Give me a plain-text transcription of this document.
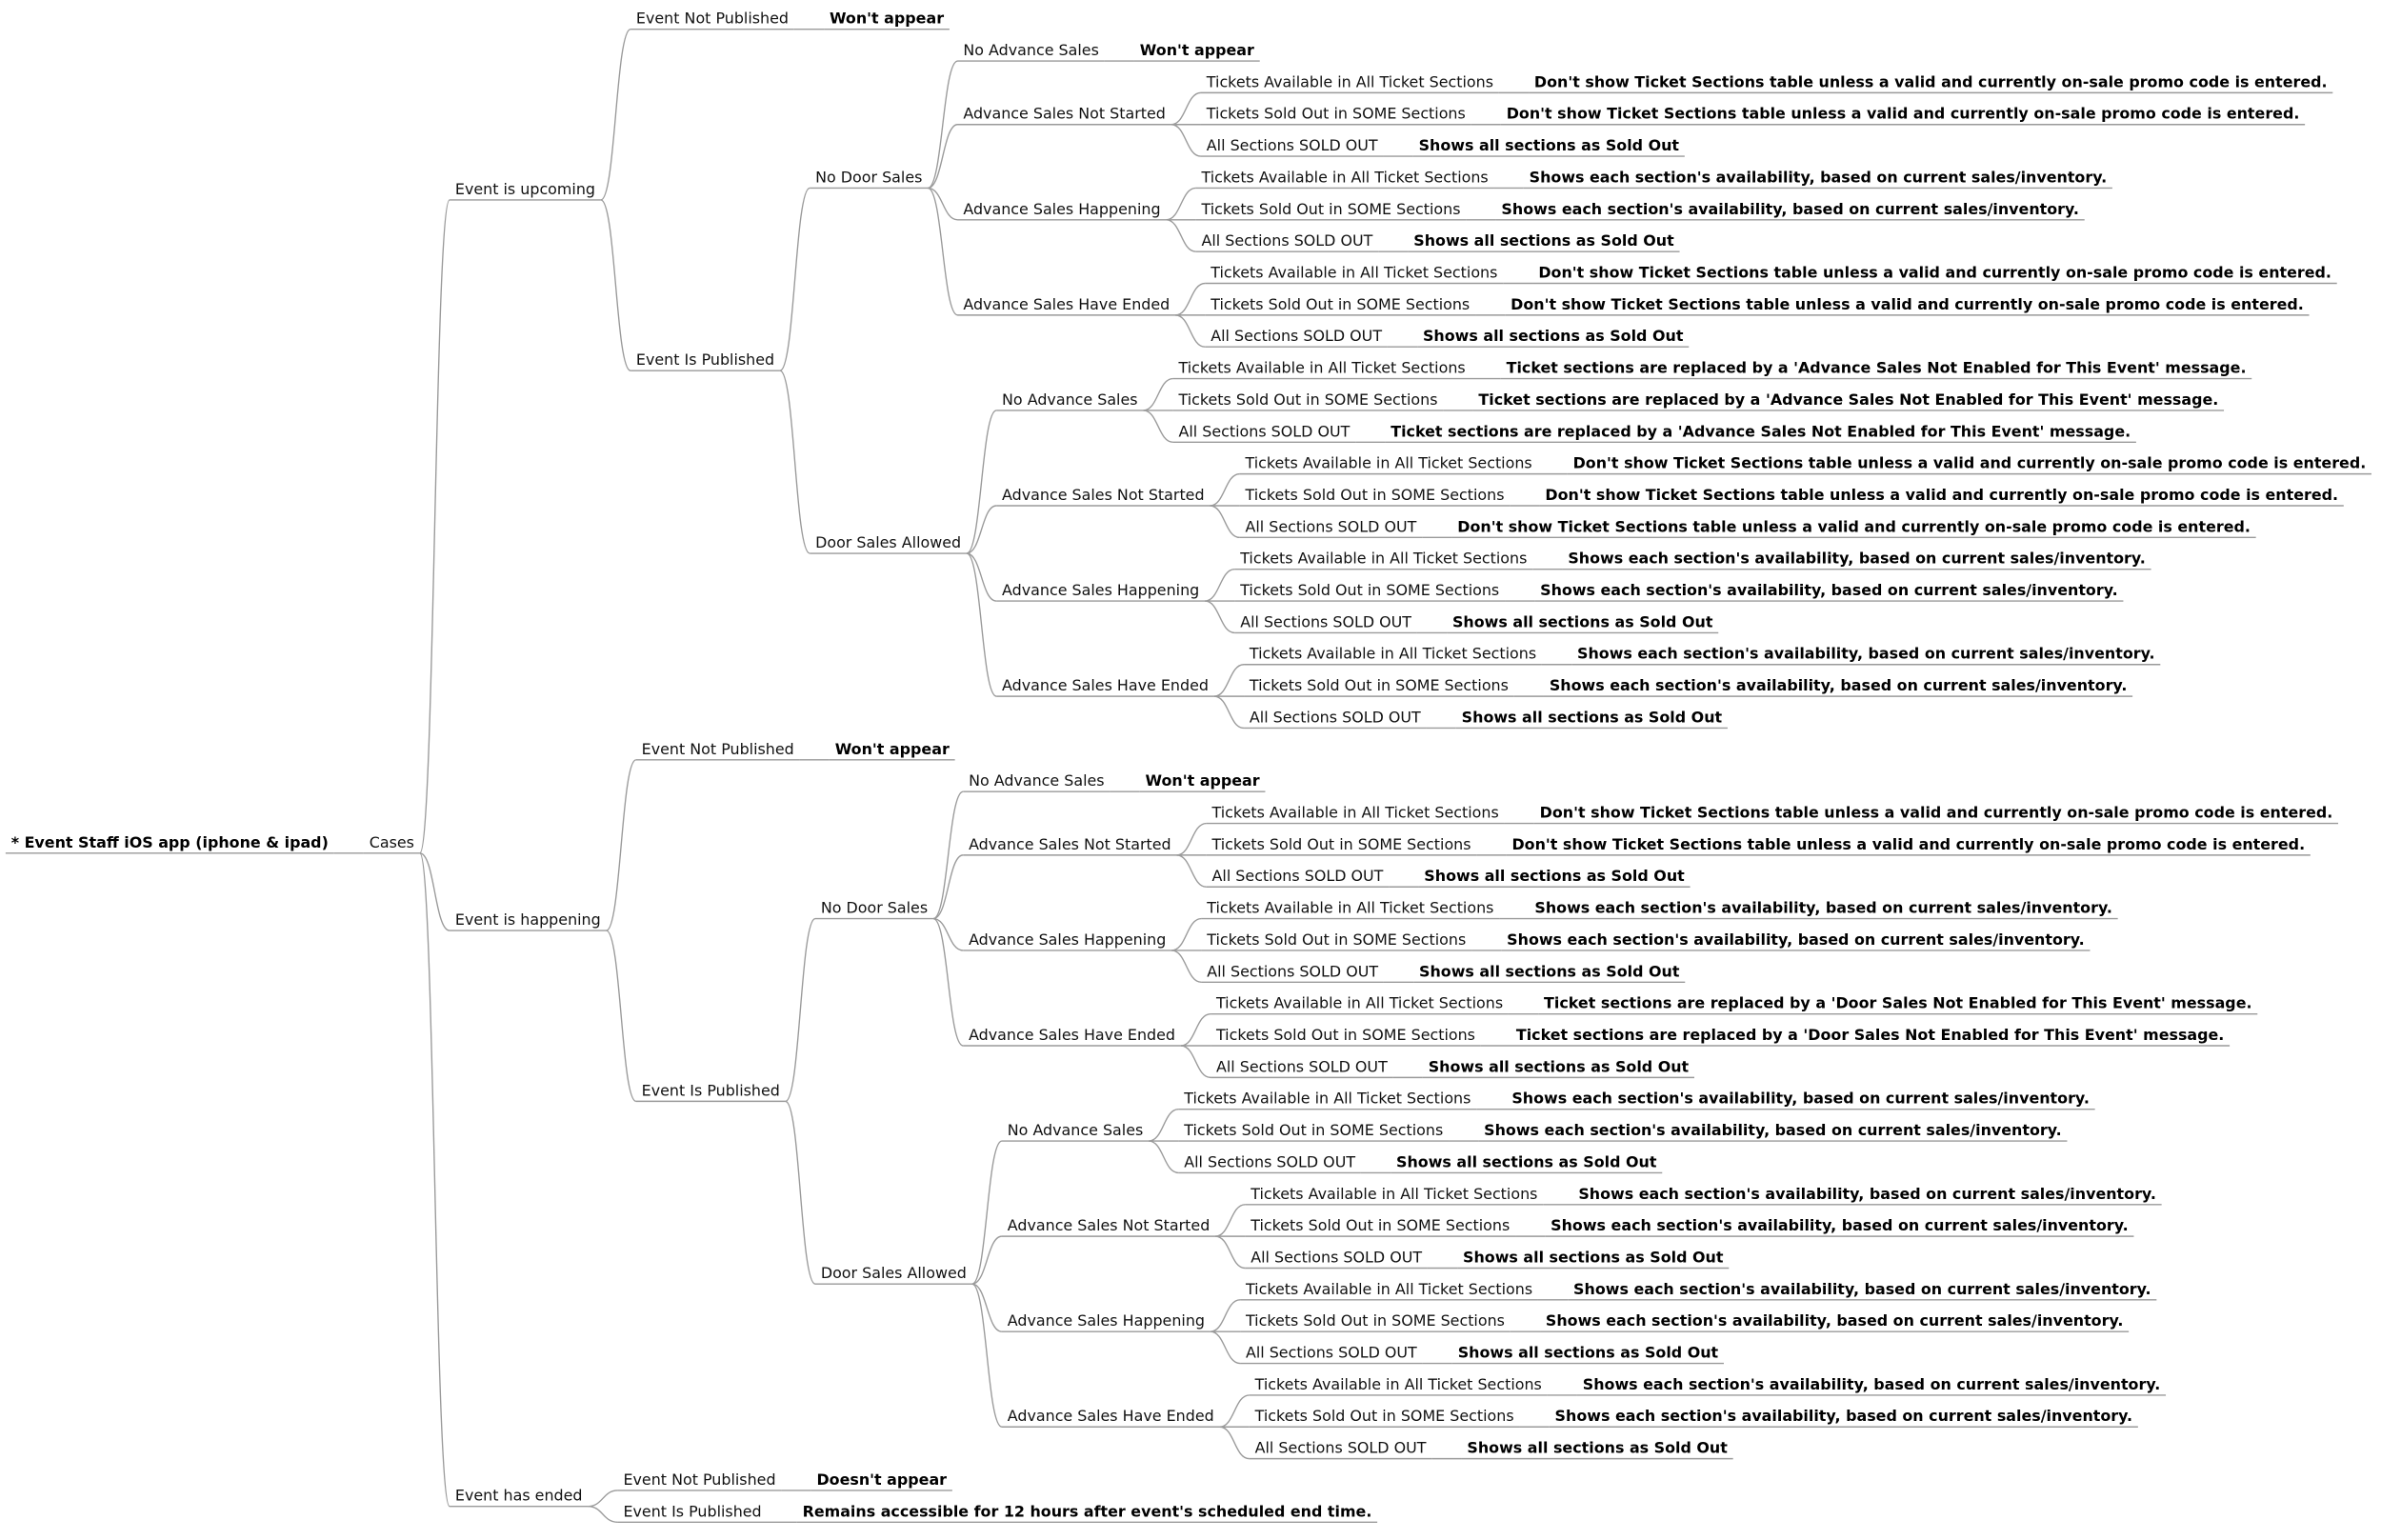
* Event Staff iOS app (iphone & ipad)	Cases
Event is upcoming
Event Not Published	Won't appear
Event Is Published
No Door Sales
No Advance Sales	Won't appear
Advance Sales Not Started
Tickets Available in All Ticket Sections	Don't show Ticket Sections table unless a valid and currently on-sale promo code is entered.
Tickets Sold Out in SOME Sections	Don't show Ticket Sections table unless a valid and currently on-sale promo code is entered.
All Sections SOLD OUT	Shows all sections as Sold Out
Advance Sales Happening
Tickets Available in All Ticket Sections	Shows each section's availability, based on current sales/inventory.
Tickets Sold Out in SOME Sections	Shows each section's availability, based on current sales/inventory.
All Sections SOLD OUT	Shows all sections as Sold Out
Advance Sales Have Ended
Tickets Available in All Ticket Sections	Don't show Ticket Sections table unless a valid and currently on-sale promo code is entered.
Tickets Sold Out in SOME Sections	Don't show Ticket Sections table unless a valid and currently on-sale promo code is entered.
All Sections SOLD OUT	Shows all sections as Sold Out
Door Sales Allowed
No Advance Sales
Tickets Available in All Ticket Sections	Ticket sections are replaced by a 'Advance Sales Not Enabled for This Event' message.
Tickets Sold Out in SOME Sections	Ticket sections are replaced by a 'Advance Sales Not Enabled for This Event' message.
All Sections SOLD OUT	Ticket sections are replaced by a 'Advance Sales Not Enabled for This Event' message.
Advance Sales Not Started
Tickets Available in All Ticket Sections	Don't show Ticket Sections table unless a valid and currently on-sale promo code is entered.
Tickets Sold Out in SOME Sections	Don't show Ticket Sections table unless a valid and currently on-sale promo code is entered.
All Sections SOLD OUT	Don't show Ticket Sections table unless a valid and currently on-sale promo code is entered.
Advance Sales Happening
Tickets Available in All Ticket Sections	Shows each section's availability, based on current sales/inventory.
Tickets Sold Out in SOME Sections	Shows each section's availability, based on current sales/inventory.
All Sections SOLD OUT	Shows all sections as Sold Out
Advance Sales Have Ended
Tickets Available in All Ticket Sections	Shows each section's availability, based on current sales/inventory.
Tickets Sold Out in SOME Sections	Shows each section's availability, based on current sales/inventory.
All Sections SOLD OUT	Shows all sections as Sold Out
Event is happening
Event Not Published	Won't appear
Event Is Published
No Door Sales
No Advance Sales	Won't appear
Advance Sales Not Started
Tickets Available in All Ticket Sections	Don't show Ticket Sections table unless a valid and currently on-sale promo code is entered.
Tickets Sold Out in SOME Sections	Don't show Ticket Sections table unless a valid and currently on-sale promo code is entered.
All Sections SOLD OUT	Shows all sections as Sold Out
Advance Sales Happening
Tickets Available in All Ticket Sections	Shows each section's availability, based on current sales/inventory.
Tickets Sold Out in SOME Sections	Shows each section's availability, based on current sales/inventory.
All Sections SOLD OUT	Shows all sections as Sold Out
Advance Sales Have Ended
Tickets Available in All Ticket Sections	Ticket sections are replaced by a 'Door Sales Not Enabled for This Event' message.
Tickets Sold Out in SOME Sections	Ticket sections are replaced by a 'Door Sales Not Enabled for This Event' message.
All Sections SOLD OUT	Shows all sections as Sold Out
Door Sales Allowed
No Advance Sales
Tickets Available in All Ticket Sections	Shows each section's availability, based on current sales/inventory.
Tickets Sold Out in SOME Sections	Shows each section's availability, based on current sales/inventory.
All Sections SOLD OUT	Shows all sections as Sold Out
Advance Sales Not Started
Tickets Available in All Ticket Sections	Shows each section's availability, based on current sales/inventory.
Tickets Sold Out in SOME Sections	Shows each section's availability, based on current sales/inventory.
All Sections SOLD OUT	Shows all sections as Sold Out
Advance Sales Happening
Tickets Available in All Ticket Sections	Shows each section's availability, based on current sales/inventory.
Tickets Sold Out in SOME Sections	Shows each section's availability, based on current sales/inventory.
All Sections SOLD OUT	Shows all sections as Sold Out
Advance Sales Have Ended
Tickets Available in All Ticket Sections	Shows each section's availability, based on current sales/inventory.
Tickets Sold Out in SOME Sections	Shows each section's availability, based on current sales/inventory.
All Sections SOLD OUT	Shows all sections as Sold Out
Event has ended
Event Not Published	Doesn't appear
Event Is Published	Remains accessible for 12 hours after event's scheduled end time.
